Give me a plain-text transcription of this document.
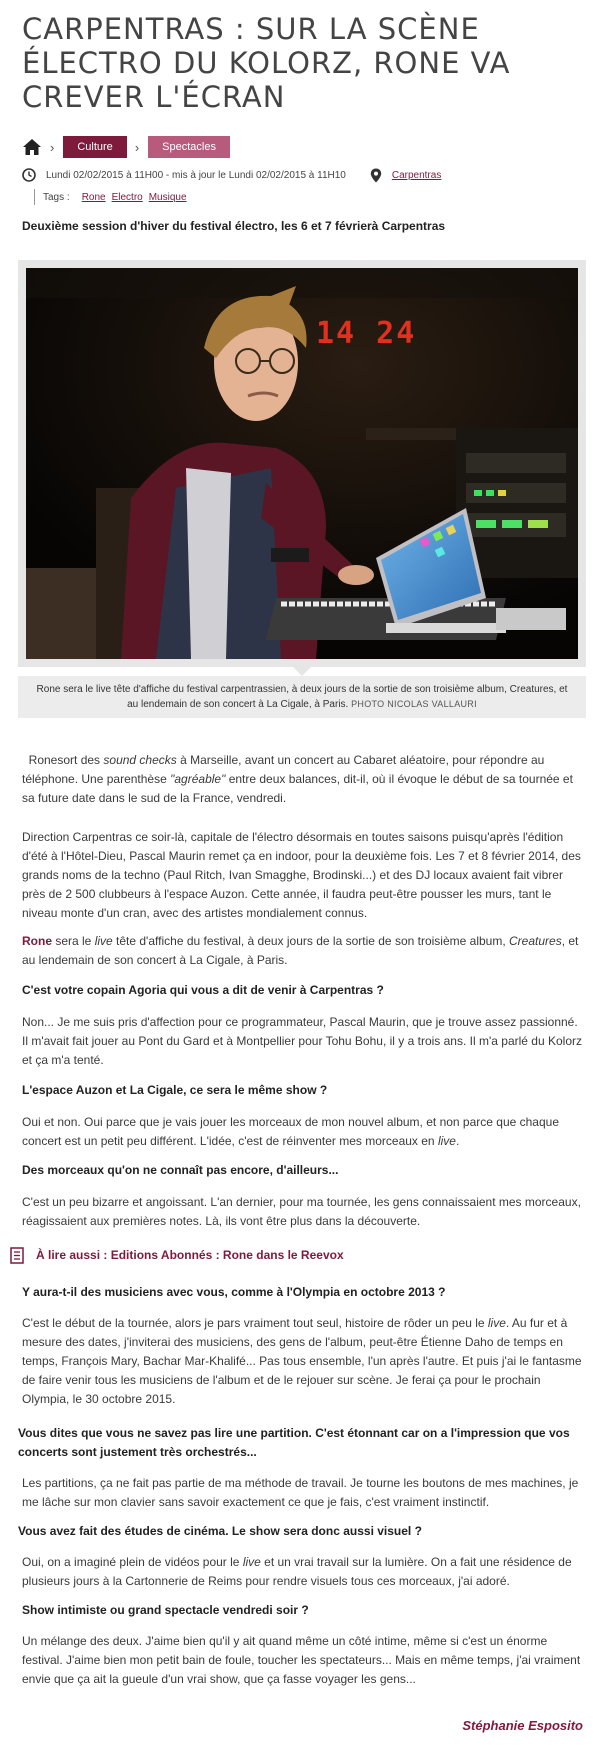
CARPENTRAS : SUR LA SCÈNE ÉLECTRO DU KOLORZ, RONE VA CREVER L'ÉCRAN
›	Culture	›	Spectacles
Lundi 02/02/2015 à 11H00 - mis à jour le Lundi 02/02/2015 à 11H10	Carpentras
Tags : Rone Electro Musique

Deuxième session d'hiver du festival électro, les 6 et 7 févrierà Carpentras

14 24
Rone sera le live tête d'affiche du festival carpentrassien, à deux jours de la sortie de son troisième album, Creatures, et au lendemain de son concert à La Cigale, à Paris. PHOTO NICOLAS VALLAURI

Ronesort des sound checks à Marseille, avant un concert au Cabaret aléatoire, pour répondre au téléphone. Une parenthèse "agréable" entre deux balances, dit-il, où il évoque le début de sa tournée et sa future date dans le sud de la France, vendredi.

Direction Carpentras ce soir-là, capitale de l'électro désormais en toutes saisons puisqu'après l'édition d'été à l'Hôtel-Dieu, Pascal Maurin remet ça en indoor, pour la deuxième fois. Les 7 et 8 février 2014, des grands noms de la techno (Paul Ritch, Ivan Smagghe, Brodinski...) et des DJ locaux avaient fait vibrer près de 2 500 clubbeurs à l'espace Auzon. Cette année, il faudra peut-être pousser les murs, tant le niveau monte d'un cran, avec des artistes mondialement connus.

Rone sera le live tête d'affiche du festival, à deux jours de la sortie de son troisième album, Creatures, et au lendemain de son concert à La Cigale, à Paris.

C'est votre copain Agoria qui vous a dit de venir à Carpentras ?

Non... Je me suis pris d'affection pour ce programmateur, Pascal Maurin, que je trouve assez passionné. Il m'avait fait jouer au Pont du Gard et à Montpellier pour Tohu Bohu, il y a trois ans. Il m'a parlé du Kolorz et ça m'a tenté.

L'espace Auzon et La Cigale, ce sera le même show ?

Oui et non. Oui parce que je vais jouer les morceaux de mon nouvel album, et non parce que chaque concert est un petit peu différent. L'idée, c'est de réinventer mes morceaux en live.

Des morceaux qu'on ne connaît pas encore, d'ailleurs...

C'est un peu bizarre et angoissant. L'an dernier, pour ma tournée, les gens connaissaient mes morceaux, réagissaient aux premières notes. Là, ils vont être plus dans la découverte.

À lire aussi : Editions Abonnés : Rone dans le Reevox

Y aura-t-il des musiciens avec vous, comme à l'Olympia en octobre 2013 ?

C'est le début de la tournée, alors je pars vraiment tout seul, histoire de rôder un peu le live. Au fur et à mesure des dates, j'inviterai des musiciens, des gens de l'album, peut-être Étienne Daho de temps en temps, François Mary, Bachar Mar-Khalifé... Pas tous ensemble, l'un après l'autre. Et puis j'ai le fantasme de faire venir tous les musiciens de l'album et de le rejouer sur scène. Je ferai ça pour le prochain Olympia, le 30 octobre 2015.

Vous dites que vous ne savez pas lire une partition. C'est étonnant car on a l'impression que vos concerts sont justement très orchestrés...

Les partitions, ça ne fait pas partie de ma méthode de travail. Je tourne les boutons de mes machines, je me lâche sur mon clavier sans savoir exactement ce que je fais, c'est vraiment instinctif.

Vous avez fait des études de cinéma. Le show sera donc aussi visuel ?

Oui, on a imaginé plein de vidéos pour le live et un vrai travail sur la lumière. On a fait une résidence de plusieurs jours à la Cartonnerie de Reims pour rendre visuels tous ces morceaux, j'ai adoré.

Show intimiste ou grand spectacle vendredi soir ?

Un mélange des deux. J'aime bien qu'il y ait quand même un côté intime, même si c'est un énorme festival. J'aime bien mon petit bain de foule, toucher les spectateurs... Mais en même temps, j'ai vraiment envie que ça ait la gueule d'un vrai show, que ça fasse voyager les gens...

Stéphanie Esposito
